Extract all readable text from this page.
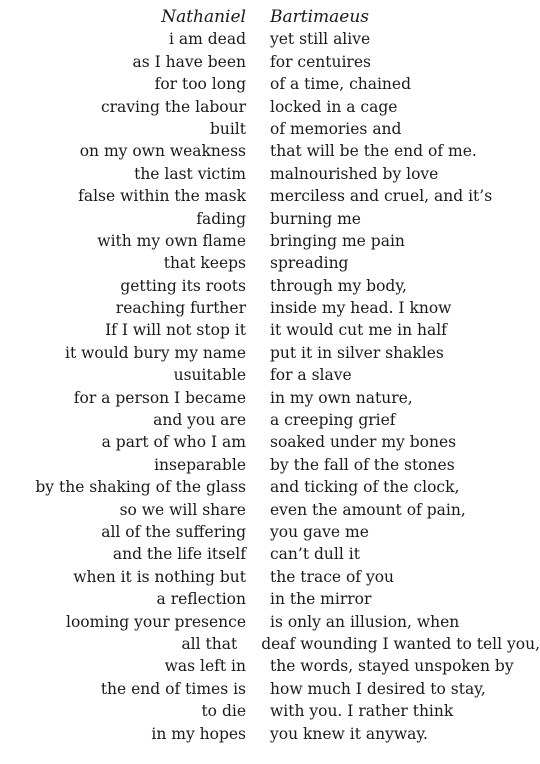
Nathaniel Bartimaeus
i am dead yet still alive
as I have been for centuires
for too long of a time, chained
craving the labour locked in a cage
built of memories and
on my own weakness that will be the end of me.
the last victim malnourished by love
false within the mask merciless and cruel, and it’s
fading burning me
with my own flame bringing me pain
that keeps spreading
getting its roots through my body,
reaching further inside my head. I know
If I will not stop it it would cut me in half
it would bury my name put it in silver shakles
usuitable for a slave
for a person I became in my own nature,
and you are a creeping grief
a part of who I am soaked under my bones
inseparable by the fall of the stones
by the shaking of the glass and ticking of the clock,
so we will share even the amount of pain,
all of the suffering you gave me
and the life itself can’t dull it
when it is nothing but the trace of you
a reflection in the mirror
looming your presence is only an illusion, when
all that deaf wounding I wanted to tell you,
was left in the words, stayed unspoken by
the end of times is how much I desired to stay,
to die with you. I rather think
in my hopes you knew it anyway.
